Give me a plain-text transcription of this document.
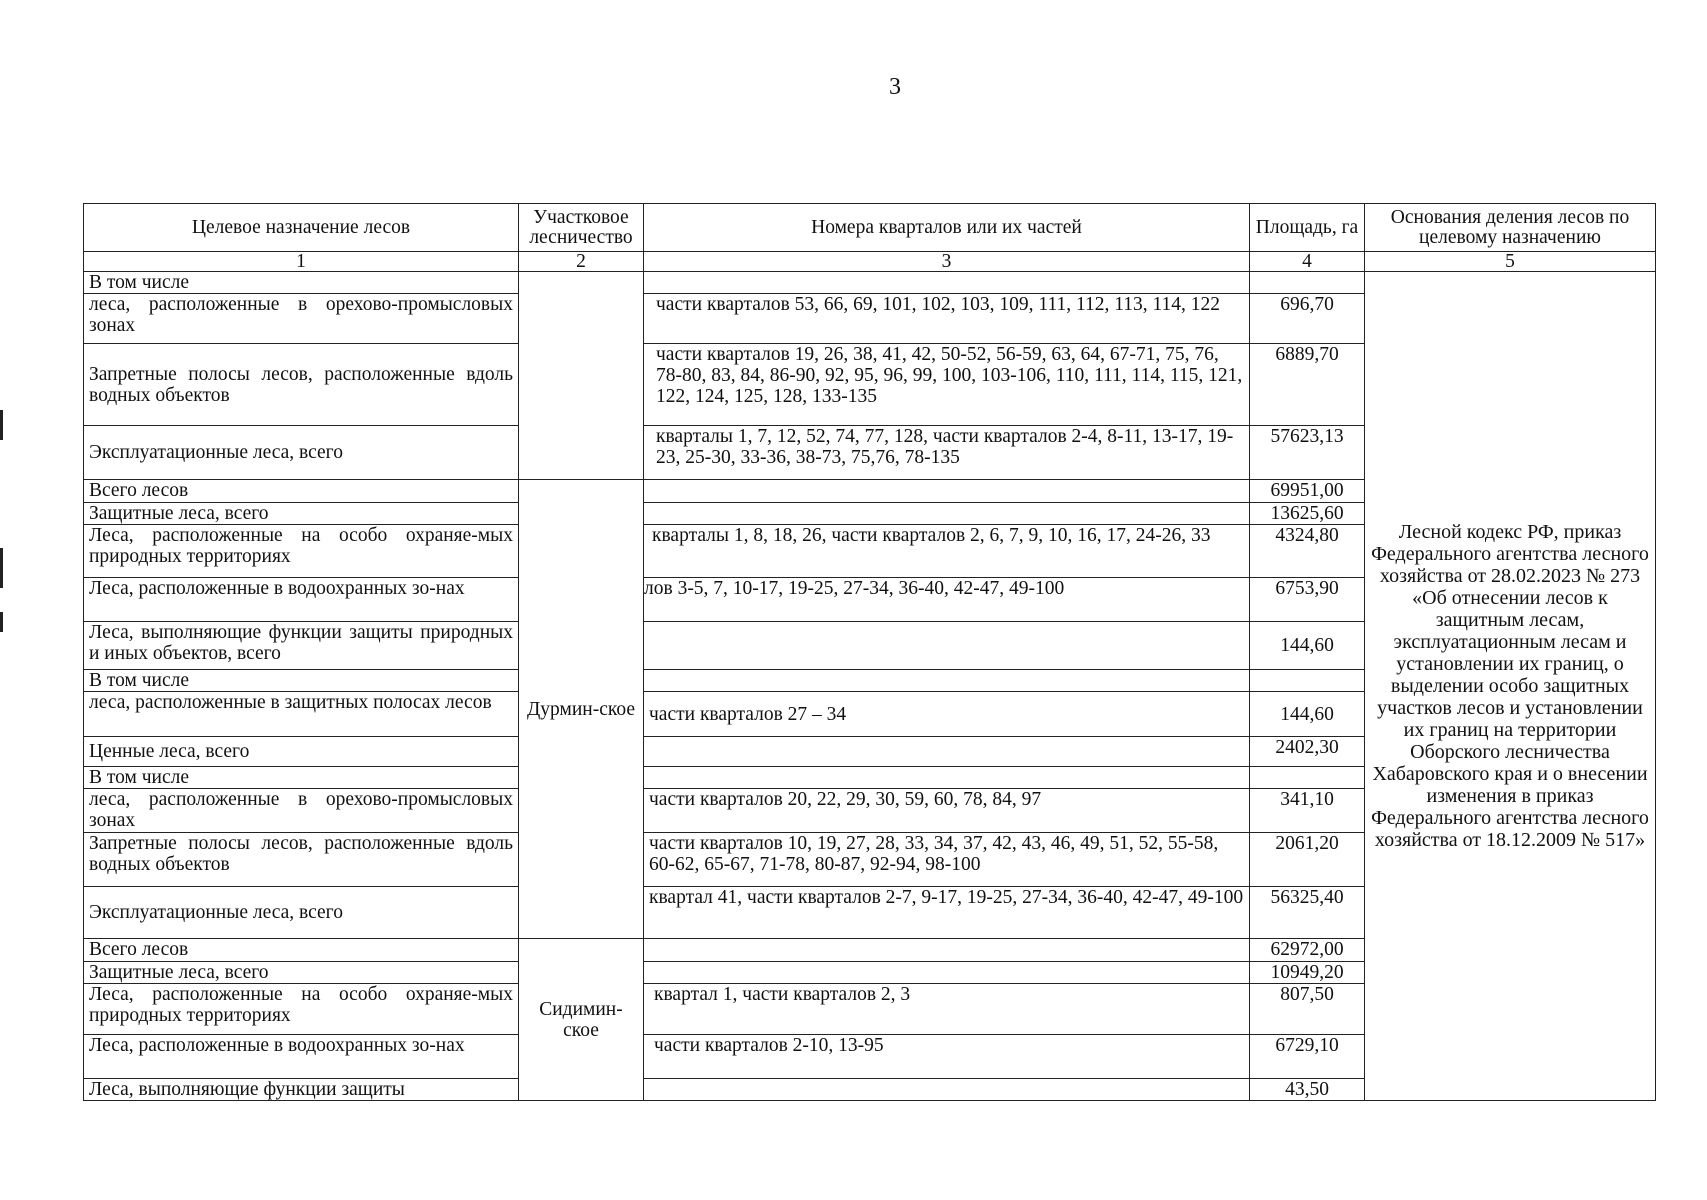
3
Целевое назначение лесов	Участковое лесничество	Номера кварталов или их частей	Площадь, га	Основания деления лесов по целевому назначению
1	2	3	4	5
В том числе				Лесной кодекс РФ, приказ Федерального агентства лесного хозяйства от 28.02.2023 № 273 «Об отнесении лесов к защитным лесам, эксплуатационным лесам и установлении их границ, о выделении особо защитных участков лесов и установлении их границ на территории Оборского лесничества Хабаровского края и о внесении изменения в приказ Федерального агентства лесного хозяйства от 18.12.2009 № 517»
леса, расположенные в орехово-промысловых зонах		части кварталов 53, 66, 69, 101, 102, 103, 109, 111, 112, 113, 114, 122	696,70	
Запретные полосы лесов, расположенные вдоль водных объектов		части кварталов 19, 26, 38, 41, 42, 50-52, 56-59, 63, 64, 67-71, 75, 76, 78-80, 83, 84, 86-90, 92, 95, 96, 99, 100, 103-106, 110, 111, 114, 115, 121, 122, 124, 125, 128, 133-135	6889,70	
Эксплуатационные леса, всего		кварталы 1, 7, 12, 52, 74, 77, 128, части кварталов 2-4, 8-11, 13-17, 19-23, 25-30, 33-36, 38-73, 75,76, 78-135	57623,13	
Всего лесов	Дурмин-ское		69951,00	
Защитные леса, всего			13625,60	
Леса, расположенные на особо охраняе-мых природных территориях		кварталы 1, 8, 18, 26, части кварталов 2, 6, 7, 9, 10, 16, 17, 24-26, 33	4324,80	
Леса, расположенные в водоохранных зо-нах		лов 3-5, 7, 10-17, 19-25, 27-34, 36-40, 42-47, 49-100	6753,90	
Леса, выполняющие функции защиты природных и иных объектов, всего			144,60	
В том числе				
леса, расположенные в защитных полосах лесов		части кварталов 27 – 34	144,60	
Ценные леса, всего			2402,30	
В том числе				
леса, расположенные в орехово-промысловых зонах		части кварталов 20, 22, 29, 30, 59, 60, 78, 84, 97	341,10	
Запретные полосы лесов, расположенные вдоль водных объектов		части кварталов 10, 19, 27, 28, 33, 34, 37, 42, 43, 46, 49, 51, 52, 55-58, 60-62, 65-67, 71-78, 80-87, 92-94, 98-100	2061,20	
Эксплуатационные леса, всего		квартал 41, части кварталов 2-7, 9-17, 19-25, 27-34, 36-40, 42-47, 49-100	56325,40	
Всего лесов	Сидимин-ское		62972,00	
Защитные леса, всего			10949,20	
Леса, расположенные на особо охраняе-мых природных территориях		квартал 1, части кварталов 2, 3	807,50	
Леса, расположенные в водоохранных зо-нах		части кварталов 2-10, 13-95	6729,10	
Леса, выполняющие функции защиты			43,50	
